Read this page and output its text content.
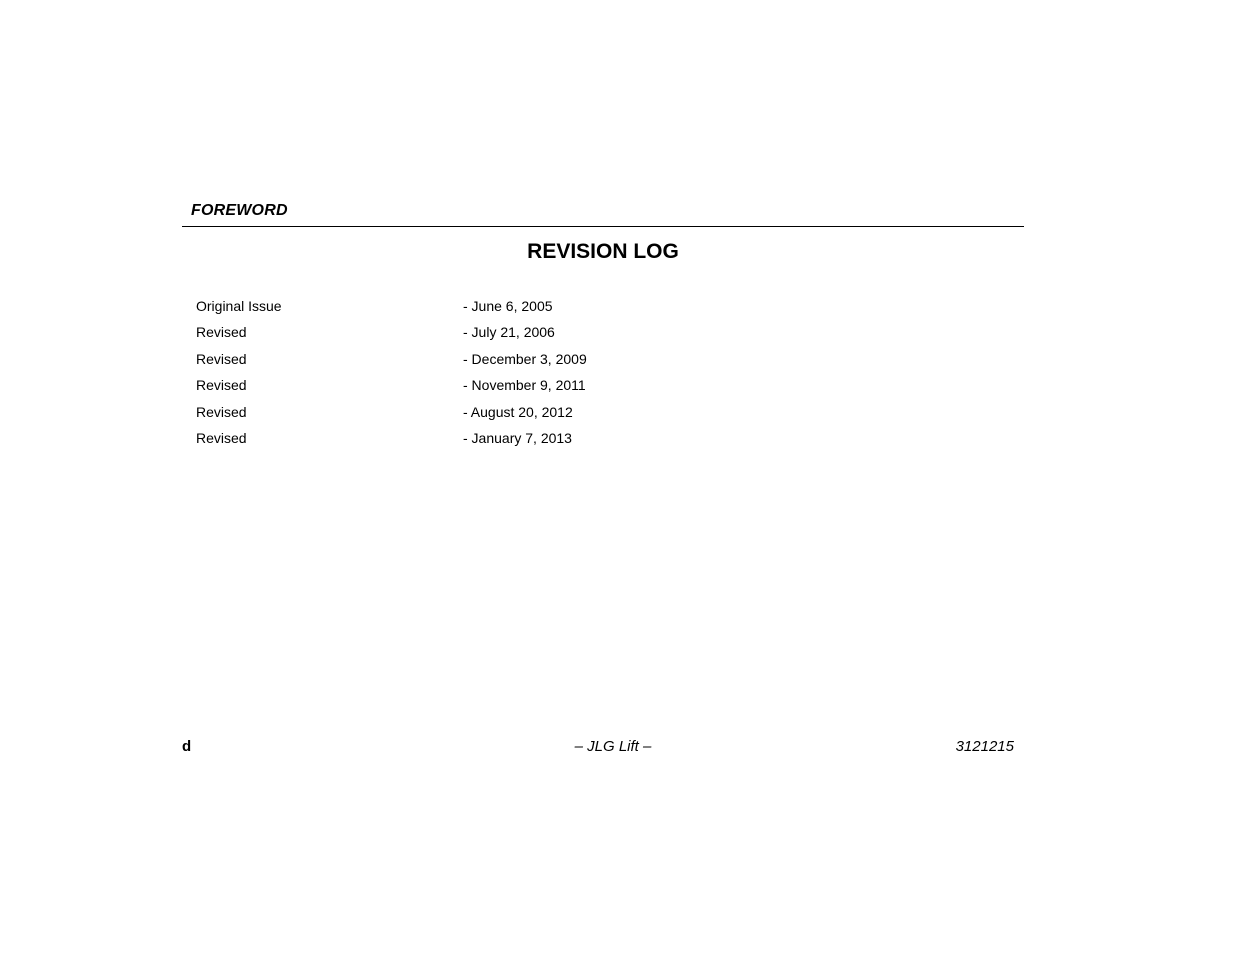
FOREWORD
REVISION LOG
Original Issue	- June 6, 2005
Revised	- July 21, 2006
Revised	- December 3, 2009
Revised	- November 9, 2011
Revised	- August 20, 2012
Revised	- January 7, 2013
d	– JLG Lift –	3121215
